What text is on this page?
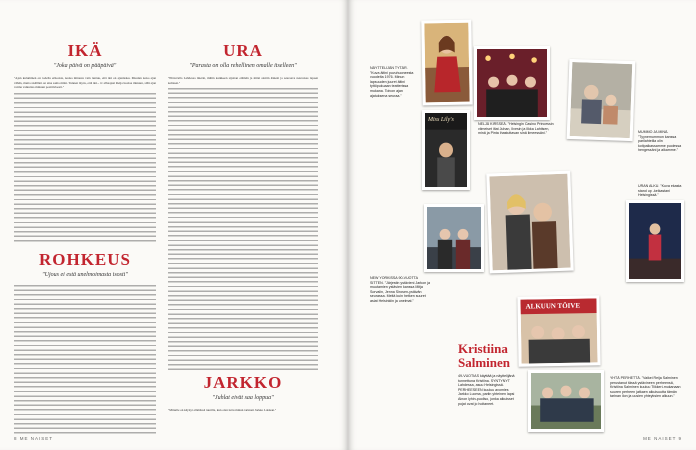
IKÄ
"Joka päivä on pääpäivä"
"Ajan kuluminen on todella erikoista, koska minusta vain tuntuu, että ikä on ajanlasku. Muutun koko ajan vähän, mutta sisälläni on aina sama minä. Tunnen myös, että ikä... tv-vihaajasi Reija luottaa minuun, sillä ajan voima vaikuttaa minuun positiivisesti."
ROHKEUS
"Ujous ei estä unelmoimasta isosti"
URA
"Parasta on olla rehellinen omalle itselleen"
"80-luvulla Lahdessa mietin, mihin kaikkeen sijoitan elämän ja minä aloitin ääneni ja seuraava neuvokas lapsen kohteen."
JARKKO
"Juhlat eivät saa loppua"
"Minulle on käynyt elämässä tuurilla, kun olen tuttu minun tarinani Jarkko Laiskan."
8 ME NAISET
NÄYTTELIJÄN TYTÄR. "Kuva äitini puvuhuoneesta vuodelta 1976. Minun lapsuuden juuret äitini tyttöpukuaan teatterissa mukana. Toivon ajan ajatuksena seuraa."
Miss Lily's
NELJÄ KIRSSEÄ. "Helsingin Casino Princessin viimeiset iltat Juhan, Ilvesin ja Ilkka Lahtisen, minä ja Pinta ihastuttavan sinä ilmeessäni."	MUMMO JA MINÄ. "Tyynemummon kanssa parilahteilla olin kotipaikassamme puolessa hengessäni ja aikamme."
URAN ALKU. "Kuva ekasta stand up -keikastani Helsingissä."
NEW YORKISSA 90-VUOTTA SITTEN. "Järjestin ystävieni Jarkon ja muutamien ystävien kanssa Mitja Sorvalin, Jenna Sirosen-ystävän seurassa. Meitä kuin hetken suuret asiat Helsinkiin ja unelmat."
ALKUUN TÖIVE
Kristiina
Salminen
49-VUOTIAS käyttää ja näyttelijänä tunnettuna Kristiina. SYNTYNYT Lahdessa, asuu Helsingissä. PERHEESEEN kuuluu avomies Jarkko Luoma, pariin yhteinen lapsi Ainon lyhin-puoliso, jonka aikuisset pojat ovat jo hoitaneet.
YHTÄ PERHETTÄ. "Vaikei Reija Salminen perustanut tässä ystävineen perheensä, Kristiina Salminen kuuluu Tiikkeri-mukanaan suuren perheen jatkaen aikuisuutta tämän tarinan ilon ja uusien yhteyksien alkuun."
ME NAISET 9
